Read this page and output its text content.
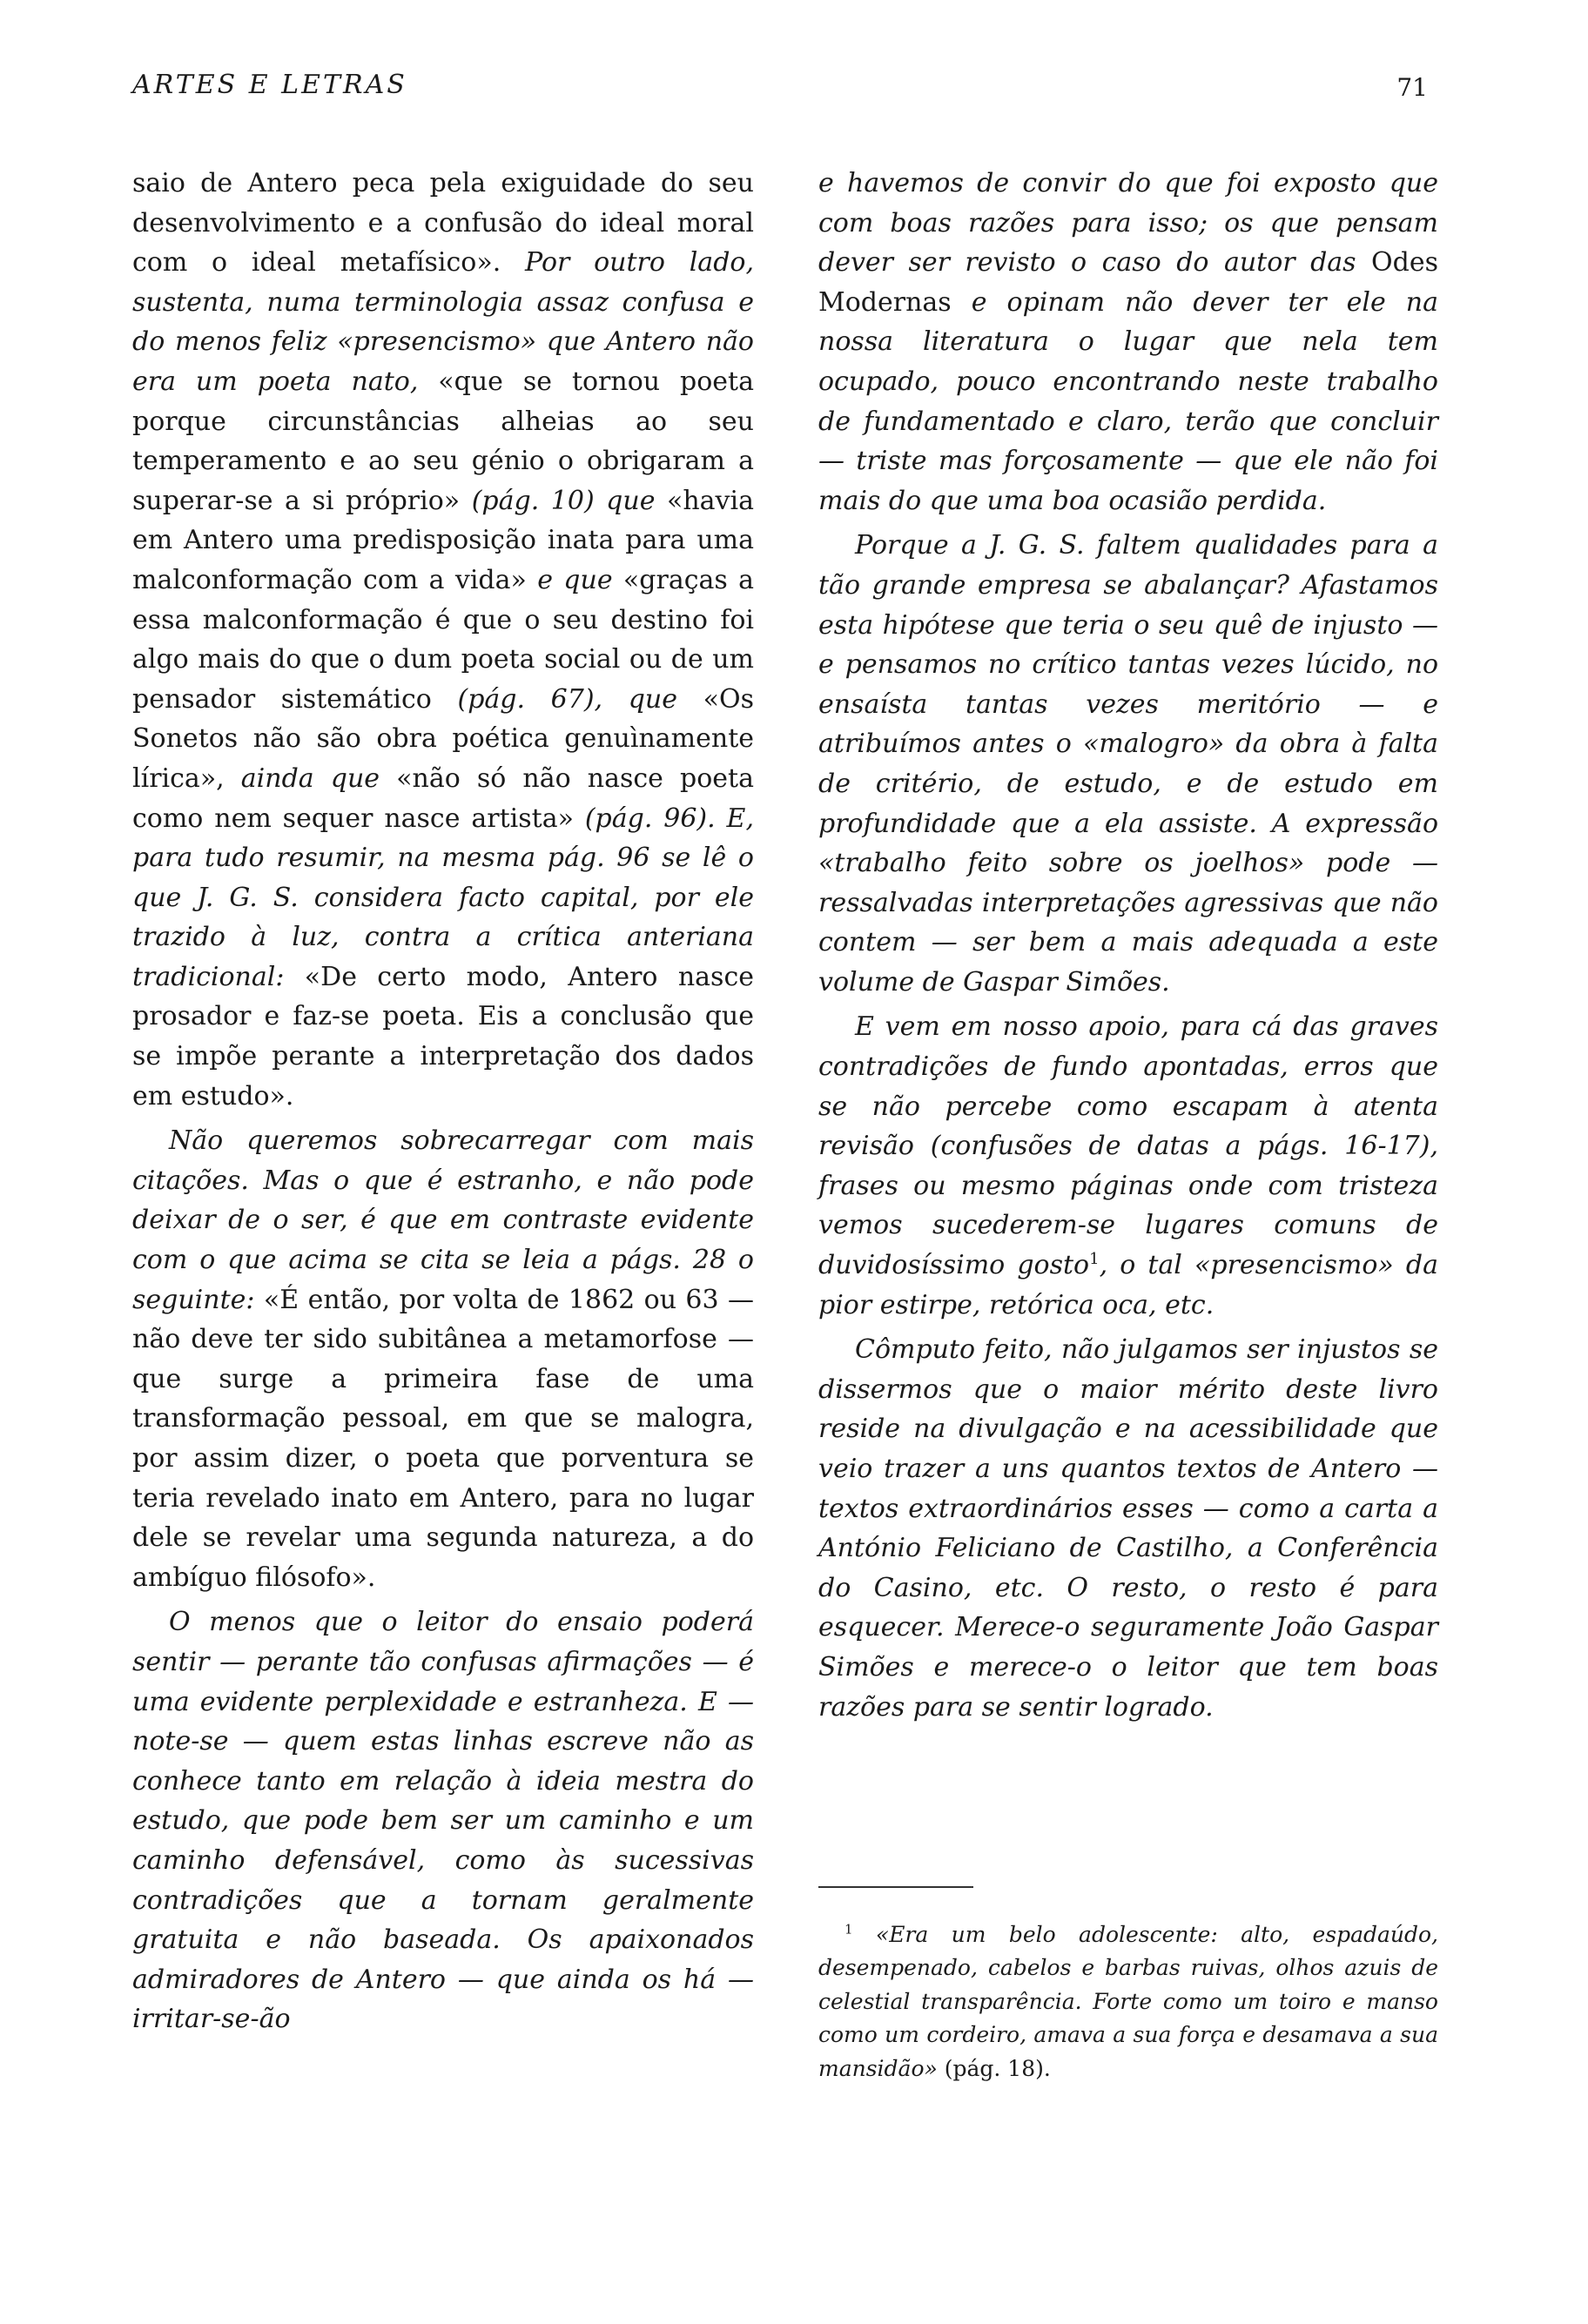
ARTES E LETRAS	71

saio de Antero peca pela exiguidade do seu desenvolvimento e a confusão do ideal moral com o ideal metafísico». Por outro lado, sustenta, numa terminologia assaz confusa e do menos feliz «presencismo» que Antero não era um poeta nato, «que se tornou poeta porque circunstâncias alheias ao seu temperamento e ao seu génio o obrigaram a superar-se a si próprio» (pág. 10) que «havia em Antero uma predisposição inata para uma malconformação com a vida» e que «graças a essa malconformação é que o seu destino foi algo mais do que o dum poeta social ou de um pensador sistemático (pág. 67), que «Os Sonetos não são obra poética genuìnamente lírica», ainda que «não só não nasce poeta como nem sequer nasce artista» (pág. 96). E, para tudo resumir, na mesma pág. 96 se lê o que J. G. S. considera facto capital, por ele trazido à luz, contra a crítica anteriana tradicional: «De certo modo, Antero nasce prosador e faz-se poeta. Eis a conclusão que se impõe perante a interpretação dos dados em estudo».

Não queremos sobrecarregar com mais citações. Mas o que é estranho, e não pode deixar de o ser, é que em contraste evidente com o que acima se cita se leia a págs. 28 o seguinte: «É então, por volta de 1862 ou 63 — não deve ter sido subitânea a metamorfose — que surge a primeira fase de uma transformação pessoal, em que se malogra, por assim dizer, o poeta que porventura se teria revelado inato em Antero, para no lugar dele se revelar uma segunda natureza, a do ambíguo filósofo».

O menos que o leitor do ensaio poderá sentir — perante tão confusas afirmações — é uma evidente perplexidade e estranheza. E — note-se — quem estas linhas escreve não as conhece tanto em relação à ideia mestra do estudo, que pode bem ser um caminho e um caminho defensável, como às sucessivas contradições que a tornam geralmente gratuita e não baseada. Os apaixonados admiradores de Antero — que ainda os há — irritar-se-ão

e havemos de convir do que foi exposto que com boas razões para isso; os que pensam dever ser revisto o caso do autor das Odes Modernas e opinam não dever ter ele na nossa literatura o lugar que nela tem ocupado, pouco encontrando neste trabalho de fundamentado e claro, terão que concluir — triste mas forçosamente — que ele não foi mais do que uma boa ocasião perdida.

Porque a J. G. S. faltem qualidades para a tão grande empresa se abalançar? Afastamos esta hipótese que teria o seu quê de injusto — e pensamos no crítico tantas vezes lúcido, no ensaísta tantas vezes meritório — e atribuímos antes o «malogro» da obra à falta de critério, de estudo, e de estudo em profundidade que a ela assiste. A expressão «trabalho feito sobre os joelhos» pode — ressalvadas interpretações agressivas que não contem — ser bem a mais adequada a este volume de Gaspar Simões.

E vem em nosso apoio, para cá das graves contradições de fundo apontadas, erros que se não percebe como escapam à atenta revisão (confusões de datas a págs. 16-17), frases ou mesmo páginas onde com tristeza vemos sucederem-se lugares comuns de duvidosíssimo gosto$^1$, o tal «presencismo» da pior estirpe, retórica oca, etc.

Cômputo feito, não julgamos ser injustos se dissermos que o maior mérito deste livro reside na divulgação e na acessibilidade que veio trazer a uns quantos textos de Antero — textos extraordinários esses — como a carta a António Feliciano de Castilho, a Conferência do Casino, etc. O resto, o resto é para esquecer. Merece-o seguramente João Gaspar Simões e merece-o o leitor que tem boas razões para se sentir logrado.

$^1$ «Era um belo adolescente: alto, espadaúdo, desempenado, cabelos e barbas ruivas, olhos azuis de celestial transparência. Forte como um toiro e manso como um cordeiro, amava a sua força e desamava a sua mansidão» (pág. 18).
